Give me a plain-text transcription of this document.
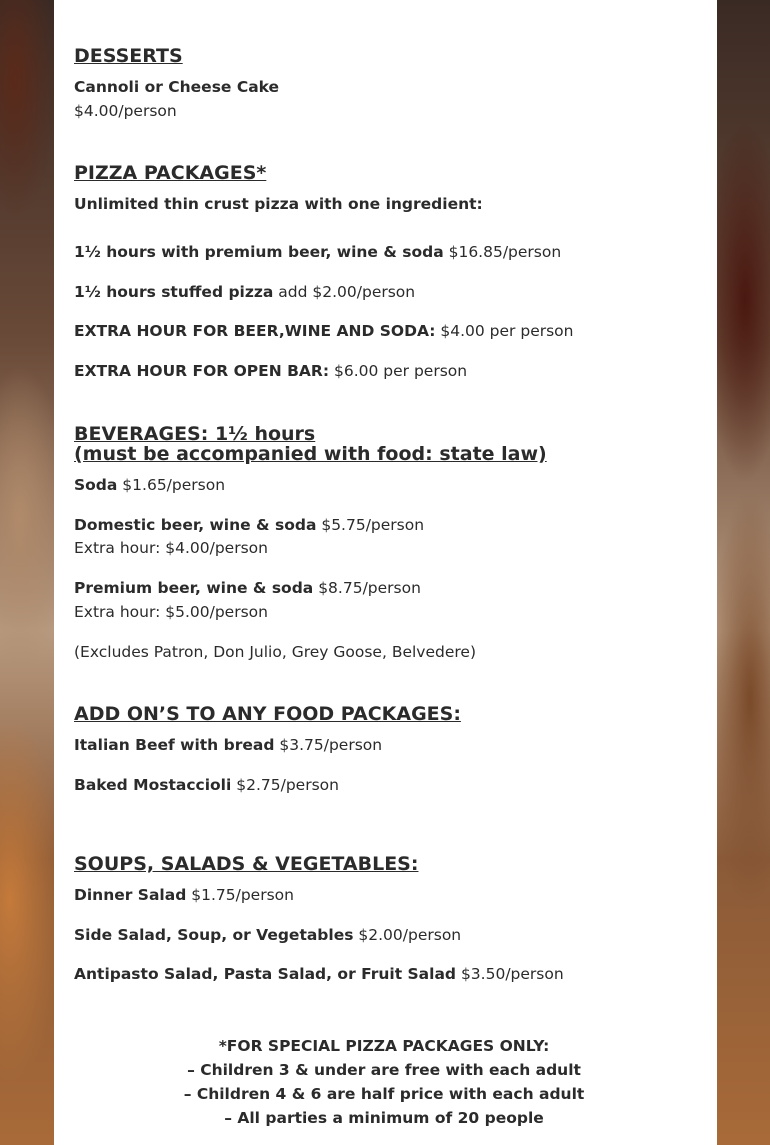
DESSERTS
Cannoli or Cheese Cake
$4.00/person
PIZZA PACKAGES*
Unlimited thin crust pizza with one ingredient:
1½ hours with premium beer, wine & soda $16.85/person
1½ hours stuffed pizza add $2.00/person
EXTRA HOUR FOR BEER,WINE AND SODA: $4.00 per person
EXTRA HOUR FOR OPEN BAR: $6.00 per person
BEVERAGES: 1½ hours
(must be accompanied with food: state law)
Soda $1.65/person
Domestic beer, wine & soda $5.75/person
Extra hour: $4.00/person
Premium beer, wine & soda $8.75/person
Extra hour: $5.00/person
(Excludes Patron, Don Julio, Grey Goose, Belvedere)
ADD ON’S TO ANY FOOD PACKAGES:
Italian Beef with bread $3.75/person
Baked Mostaccioli $2.75/person
SOUPS, SALADS & VEGETABLES:
Dinner Salad $1.75/person
Side Salad, Soup, or Vegetables $2.00/person
Antipasto Salad, Pasta Salad, or Fruit Salad $3.50/person
*FOR SPECIAL PIZZA PACKAGES ONLY:
– Children 3 & under are free with each adult
– Children 4 & 6 are half price with each adult
– All parties a minimum of 20 people
